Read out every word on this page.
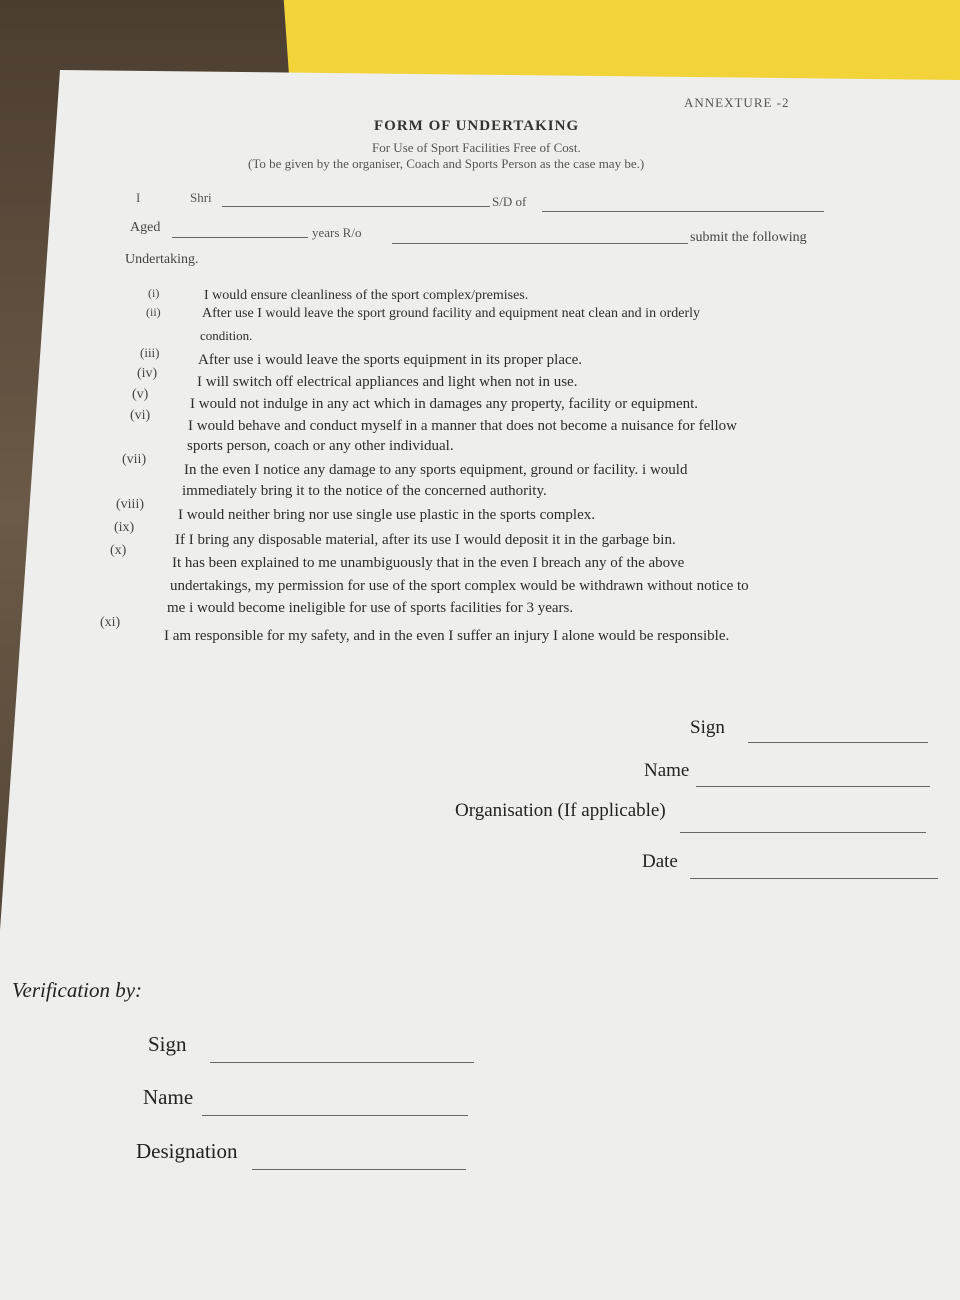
ANNEXTURE -2
FORM OF UNDERTAKING
For Use of Sport Facilities Free of Cost.
(To be given by the organiser, Coach and Sports Person as the case may be.)
I	Shri	S/D of
Aged	years R/o	submit the following
Undertaking.
(i)	I would ensure cleanliness of the sport complex/premises.
(ii)	After use I would leave the sport ground facility and equipment neat clean and in orderly
condition.
(iii)	After use i would leave the sports equipment in its proper place.
(iv)
I will switch off electrical appliances and light when not in use.
(v)
I would not indulge in any act which in damages any property, facility or equipment.
(vi)
I would behave and conduct myself in a manner that does not become a nuisance for fellow
sports person, coach or any other individual.
(vii)
In the even I notice any damage to any sports equipment, ground or facility. i would
immediately bring it to the notice of the concerned authority.
(viii)
I would neither bring nor use single use plastic in the sports complex.
(ix)
If I bring any disposable material, after its use I would deposit it in the garbage bin.
(x)
It has been explained to me unambiguously that in the even I breach any of the above
undertakings, my permission for use of the sport complex would be withdrawn without notice to
me i would become ineligible for use of sports facilities for 3 years.
(xi)
I am responsible for my safety, and in the even I suffer an injury I alone would be responsible.
Sign
Name
Organisation (If applicable)
Date
Verification by:
Sign
Name
Designation
